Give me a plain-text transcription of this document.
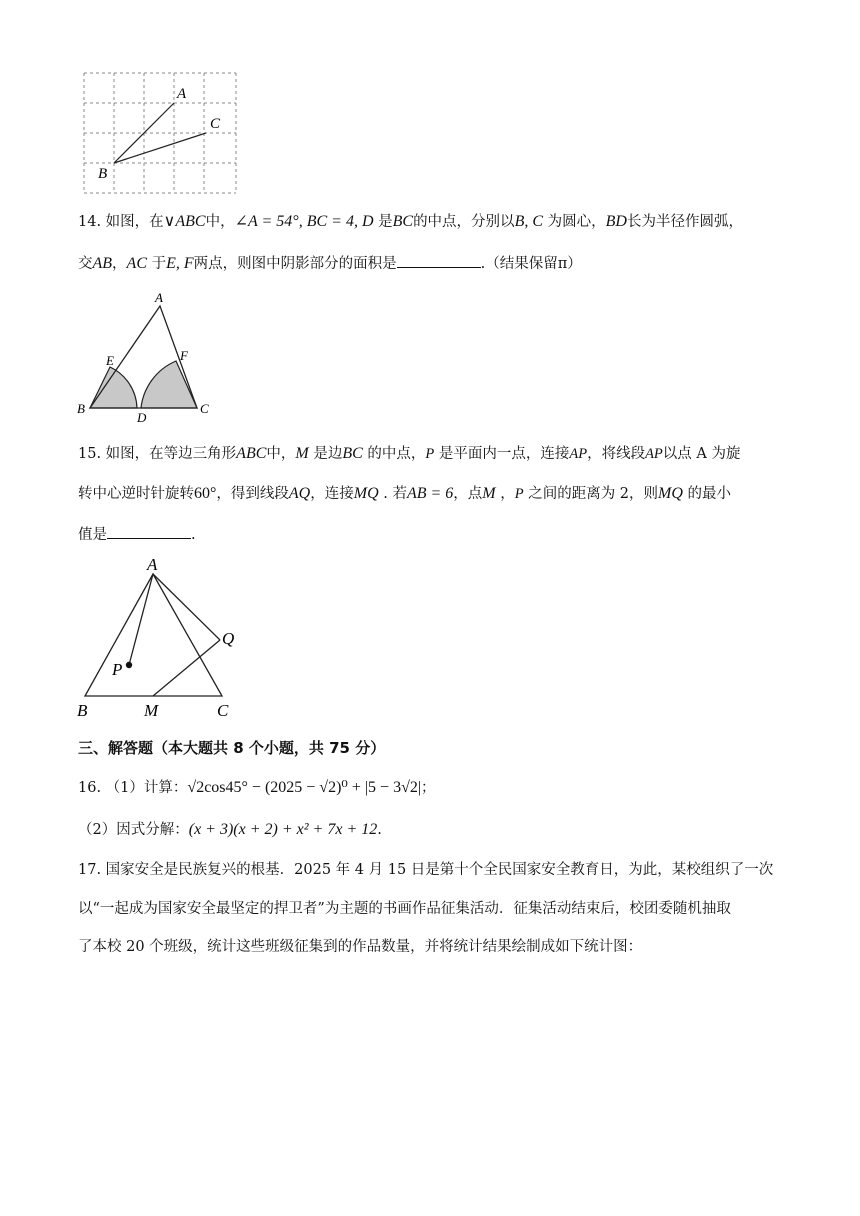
A
C
B
14. 如图，在∨ABC中，∠A = 54°, BC = 4, D 是BC的中点，分别以B, C 为圆心，BD长为半径作圆弧，
交AB，AC 于E, F两点，则图中阴影部分的面积是	.（结果保留π）
A
E	F
B
D
C
15. 如图，在等边三角形ABC中，M 是边BC 的中点，P 是平面内一点，连接AP，将线段AP以点 A 为旋
转中心逆时针旋转60°，得到线段AQ，连接MQ . 若AB = 6，点M ，P 之间的距离为 2，则MQ 的最小
值是	.
A
Q
P
B	M	C
三、解答题（本大题共 8 个小题，共 75 分）
16. （1）计算：√2cos45° − (2025 − √2)⁰ + |5 − 3√2|；
（2）因式分解：(x + 3)(x + 2) + x² + 7x + 12.
17. 国家安全是民族复兴的根基．2025 年 4 月 15 日是第十个全民国家安全教育日，为此，某校组织了一次
以“一起成为国家安全最坚定的捍卫者”为主题的书画作品征集活动．征集活动结束后，校团委随机抽取
了本校 20 个班级，统计这些班级征集到的作品数量，并将统计结果绘制成如下统计图：
